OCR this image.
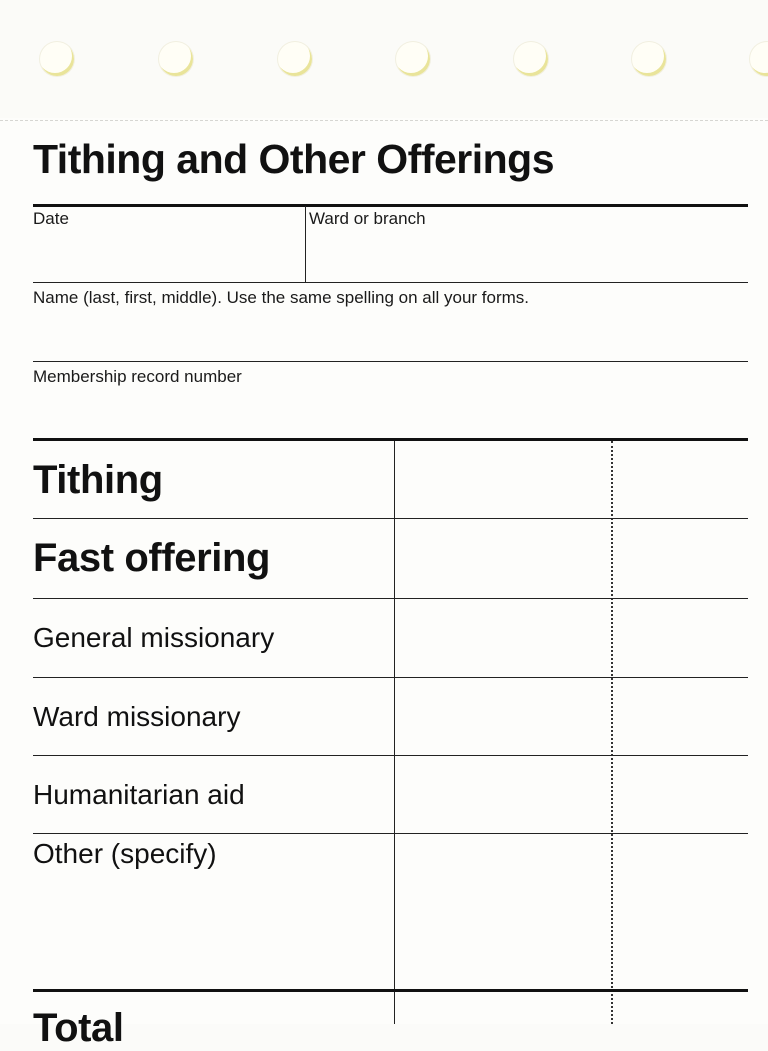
Tithing and Other Offerings
Date	Ward or branch
Name (last, first, middle). Use the same spelling on all your forms.
Membership record number
Tithing
Fast offering
General missionary
Ward missionary
Humanitarian aid
Other (specify)
Total
